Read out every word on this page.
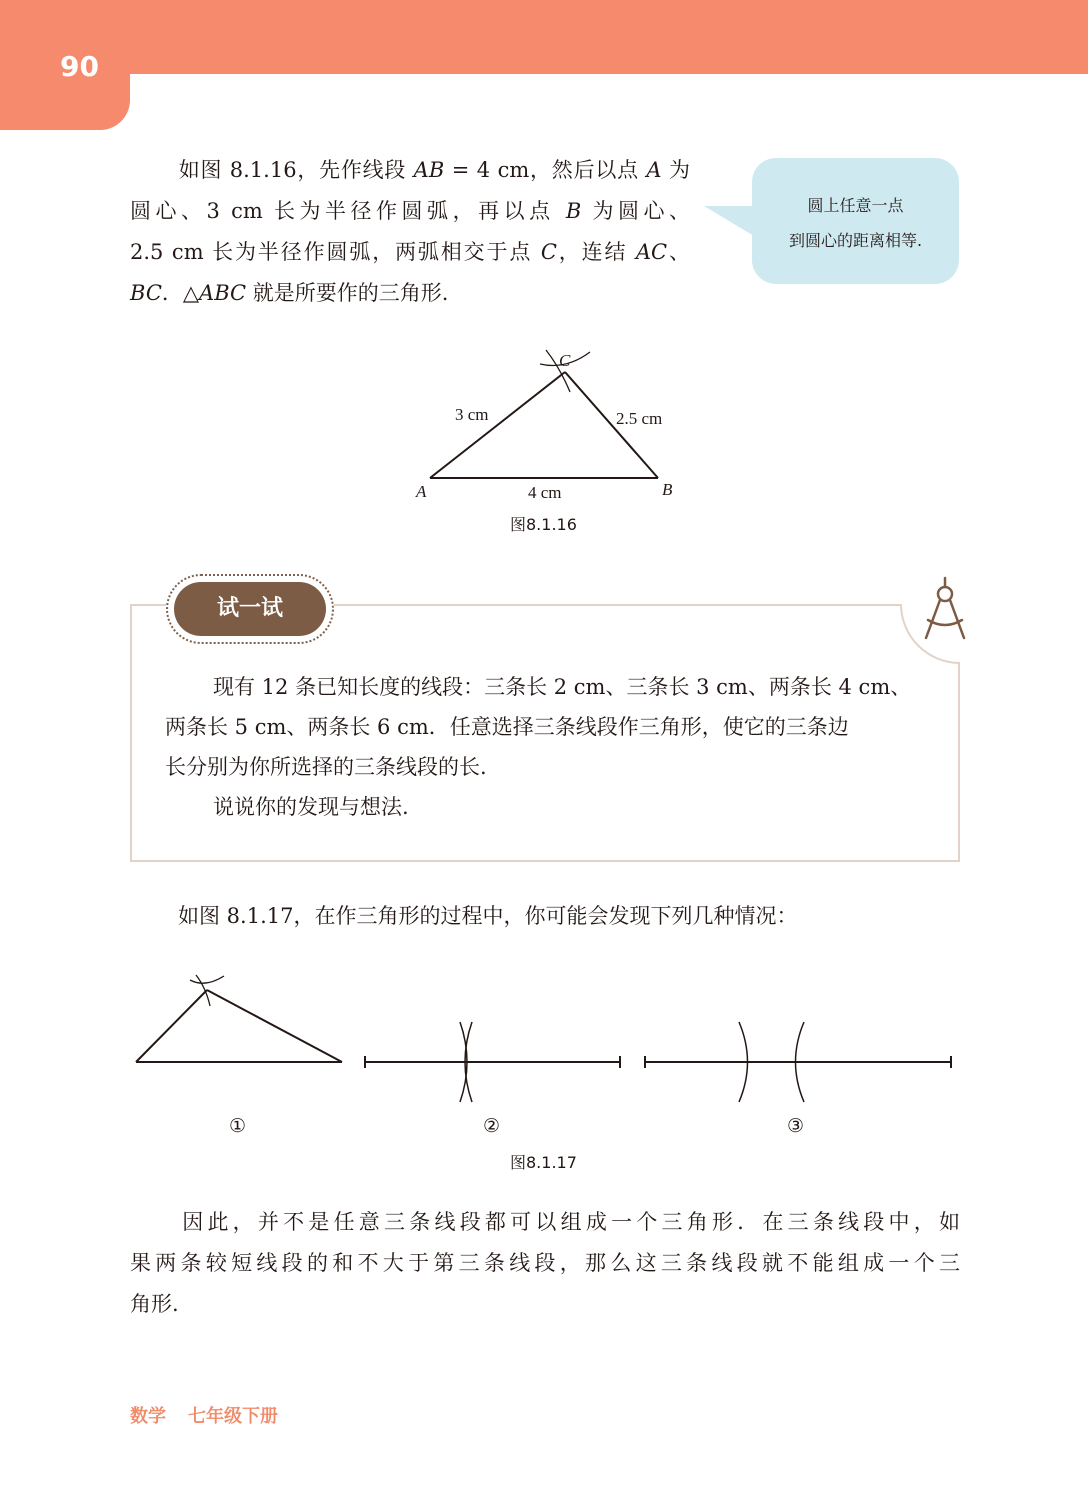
90
如图 8.1.16，先作线段 AB = 4 cm，然后以点 A 为
圆心、3 cm 长为半径作圆弧，再以点 B 为圆心、
2.5 cm 长为半径作圆弧，两弧相交于点 C，连结 AC、
BC．△ABC 就是所要作的三角形.
圆上任意一点
到圆心的距离相等.
A	B
C
3 cm	2.5 cm
4 cm
图8.1.16
试一试
现有 12 条已知长度的线段：三条长 2 cm、三条长 3 cm、两条长 4 cm、
两条长 5 cm、两条长 6 cm．任意选择三条线段作三角形，使它的三条边
长分别为你所选择的三条线段的长.
说说你的发现与想法.
如图 8.1.17，在作三角形的过程中，你可能会发现下列几种情况：
①	②	③
图8.1.17
因此，并不是任意三条线段都可以组成一个三角形．在三条线段中，如
果两条较短线段的和不大于第三条线段，那么这三条线段就不能组成一个三
角形.
数学 七年级下册
